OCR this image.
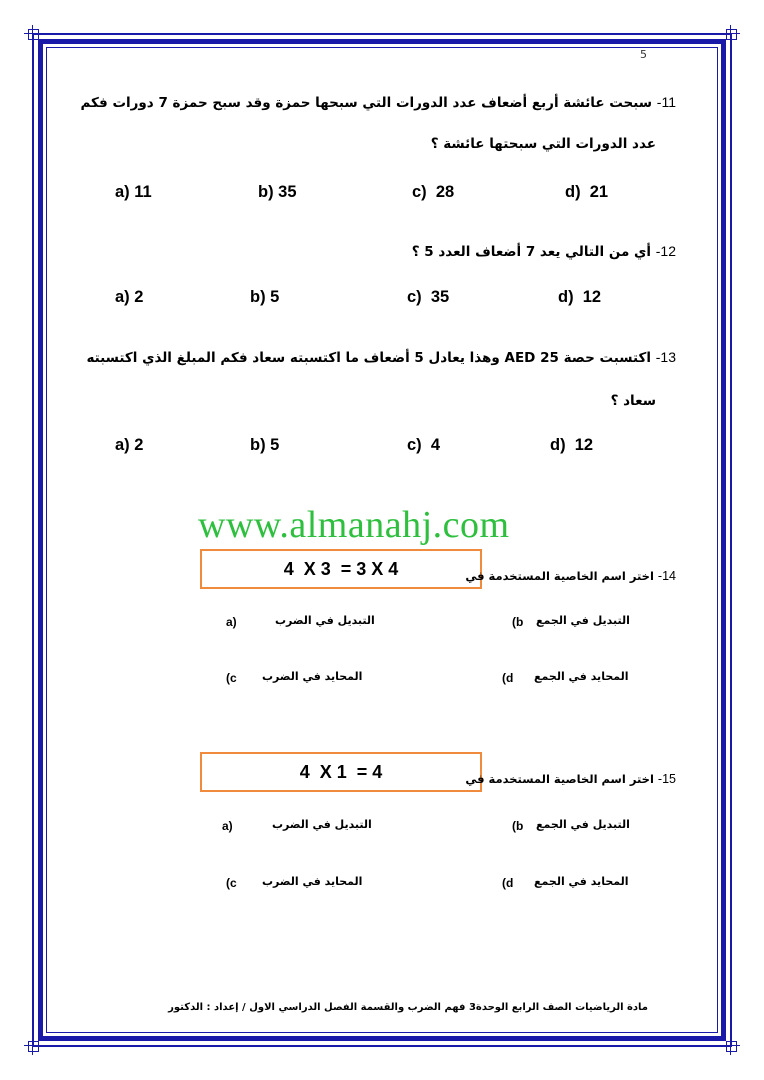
5
11- سبحت عائشة أربع أضعاف عدد الدورات التي سبحها حمزة وقد سبح حمزة 7 دورات فكم
عدد الدورات التي سبحتها عائشة ؟
a) 11	b) 35	c)  28	d)  21
12- أي من التالي يعد 7 أضعاف العدد 5 ؟
a) 2	b) 5	c)  35	d)  12
13- اكتسبت حصة 25 AED وهذا يعادل 5 أضعاف ما اكتسبته سعاد فكم المبلغ الذي اكتسبته
سعاد ؟
a) 2	b) 5	c)  4	d)  12
www.almanahj.com
4  X 3  = 3 X 4	14- اختر اسم الخاصية المستخدمة في
a)	التبديل في الضرب	(b التبديل في الجمع
(c المحايد في الضرب	(d المحايد في الجمع
4  X 1  = 4	15- اختر اسم الخاصية المستخدمة في
a)	التبديل في الضرب	(b التبديل في الجمع
(c المحايد في الضرب	(d المحايد في الجمع
مادة الرياضيات الصف الرابع الوحدة3 فهم الضرب والقسمة الفصل الدراسي الاول / إعداد : الدكتور
